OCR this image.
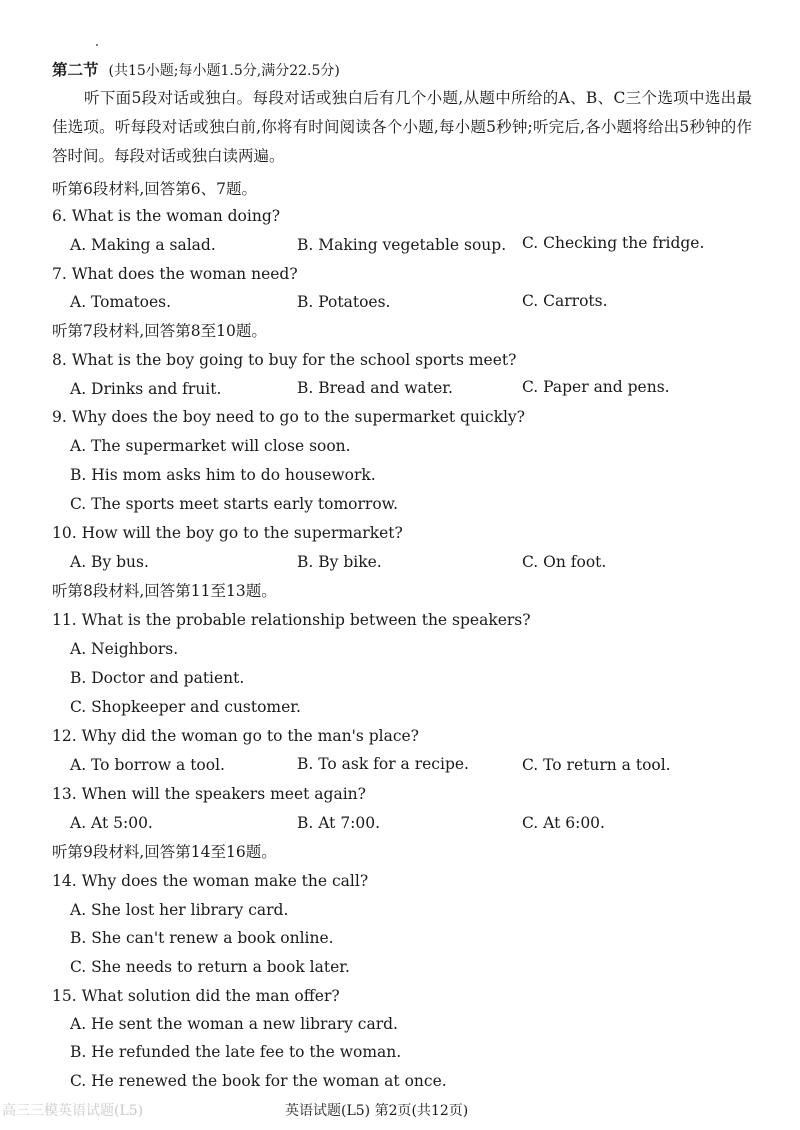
第二节 (共15小题;每小题1.5分,满分22.5分)
听下面5段对话或独白。每段对话或独白后有几个小题,从题中所给的A、B、C三个选项中选出最佳选项。听每段对话或独白前,你将有时间阅读各个小题,每小题5秒钟;听完后,各小题将给出5秒钟的作答时间。每段对话或独白读两遍。
听第6段材料,回答第6、7题。
6. What is the woman doing?
A. Making a salad.	B. Making vegetable soup. C. Checking the fridge.
7. What does the woman need?
A. Tomatoes.	B. Potatoes.	C. Carrots.
听第7段材料,回答第8至10题。
8. What is the boy going to buy for the school sports meet?
A. Drinks and fruit.	B. Bread and water.	C. Paper and pens.
9. Why does the boy need to go to the supermarket quickly?
A. The supermarket will close soon.
B. His mom asks him to do housework.
C. The sports meet starts early tomorrow.
10. How will the boy go to the supermarket?
A. By bus.	B. By bike.	C. On foot.
听第8段材料,回答第11至13题。
11. What is the probable relationship between the speakers?
A. Neighbors.
B. Doctor and patient.
C. Shopkeeper and customer.
12. Why did the woman go to the man's place?
A. To borrow a tool.	B. To ask for a recipe.	C. To return a tool.
13. When will the speakers meet again?
A. At 5:00.	B. At 7:00.	C. At 6:00.
听第9段材料,回答第14至16题。
14. Why does the woman make the call?
A. She lost her library card.
B. She can't renew a book online.
C. She needs to return a book later.
15. What solution did the man offer?
A. He sent the woman a new library card.
B. He refunded the late fee to the woman.
C. He renewed the book for the woman at once.
高三三模英语试题(L5)	英语试题(L5) 第2页(共12页)
